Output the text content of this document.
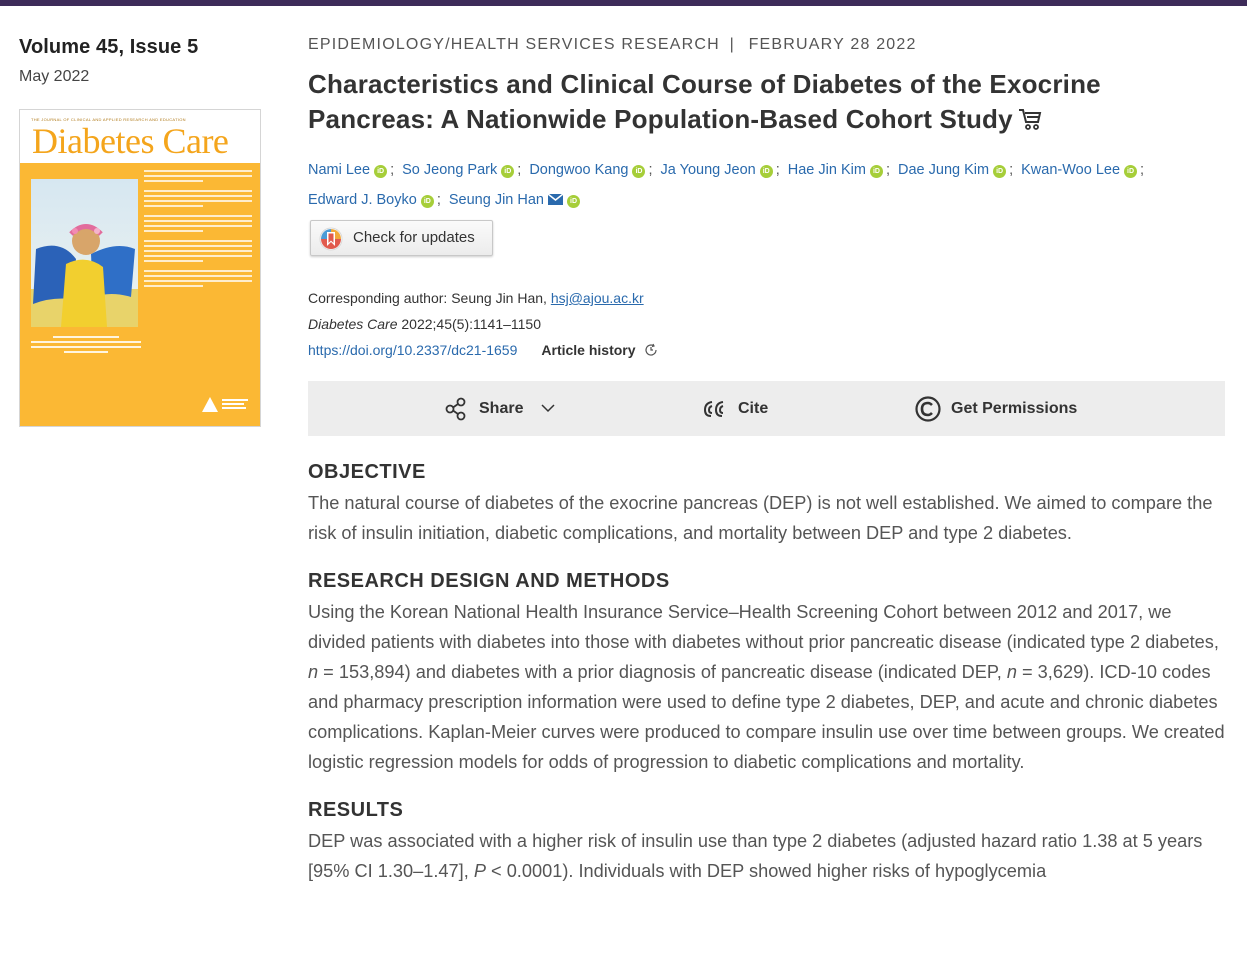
Volume 45, Issue 5
May 2022
THE JOURNAL OF CLINICAL AND APPLIED RESEARCH AND EDUCATION
Diabetes Care
EPIDEMIOLOGY/HEALTH SERVICES RESEARCH | FEBRUARY 28 2022
Characteristics and Clinical Course of Diabetes of the Exocrine Pancreas: A Nationwide Population-Based Cohort Study
Nami Lee iD ; So Jeong Park iD ; Dongwoo Kang iD ; Ja Young Jeon iD ; Hae Jin Kim iD ; Dae Jung Kim iD ; Kwan-Woo Lee iD ;
Edward J. Boyko iD ; Seung Jin Han	iD
Check for updates
Corresponding author: Seung Jin Han, hsj@ajou.ac.kr
Diabetes Care 2022;45(5):1141–1150
https://doi.org/10.2337/dc21-1659 Article history
Share	Cite	Get Permissions
OBJECTIVE

The natural course of diabetes of the exocrine pancreas (DEP) is not well established. We aimed to compare the risk of insulin initiation, diabetic complications, and mortality between DEP and type 2 diabetes.

RESEARCH DESIGN AND METHODS

Using the Korean National Health Insurance Service–Health Screening Cohort between 2012 and 2017, we divided patients with diabetes into those with diabetes without prior pancreatic disease (indicated type 2 diabetes, n = 153,894) and diabetes with a prior diagnosis of pancreatic disease (indicated DEP, n = 3,629). ICD-10 codes and pharmacy prescription information were used to define type 2 diabetes, DEP, and acute and chronic diabetes complications. Kaplan-Meier curves were produced to compare insulin use over time between groups. We created logistic regression models for odds of progression to diabetic complications and mortality.

RESULTS

DEP was associated with a higher risk of insulin use than type 2 diabetes (adjusted hazard ratio 1.38 at 5 years [95% CI 1.30–1.47], P < 0.0001). Individuals with DEP showed higher risks of hypoglycemia
